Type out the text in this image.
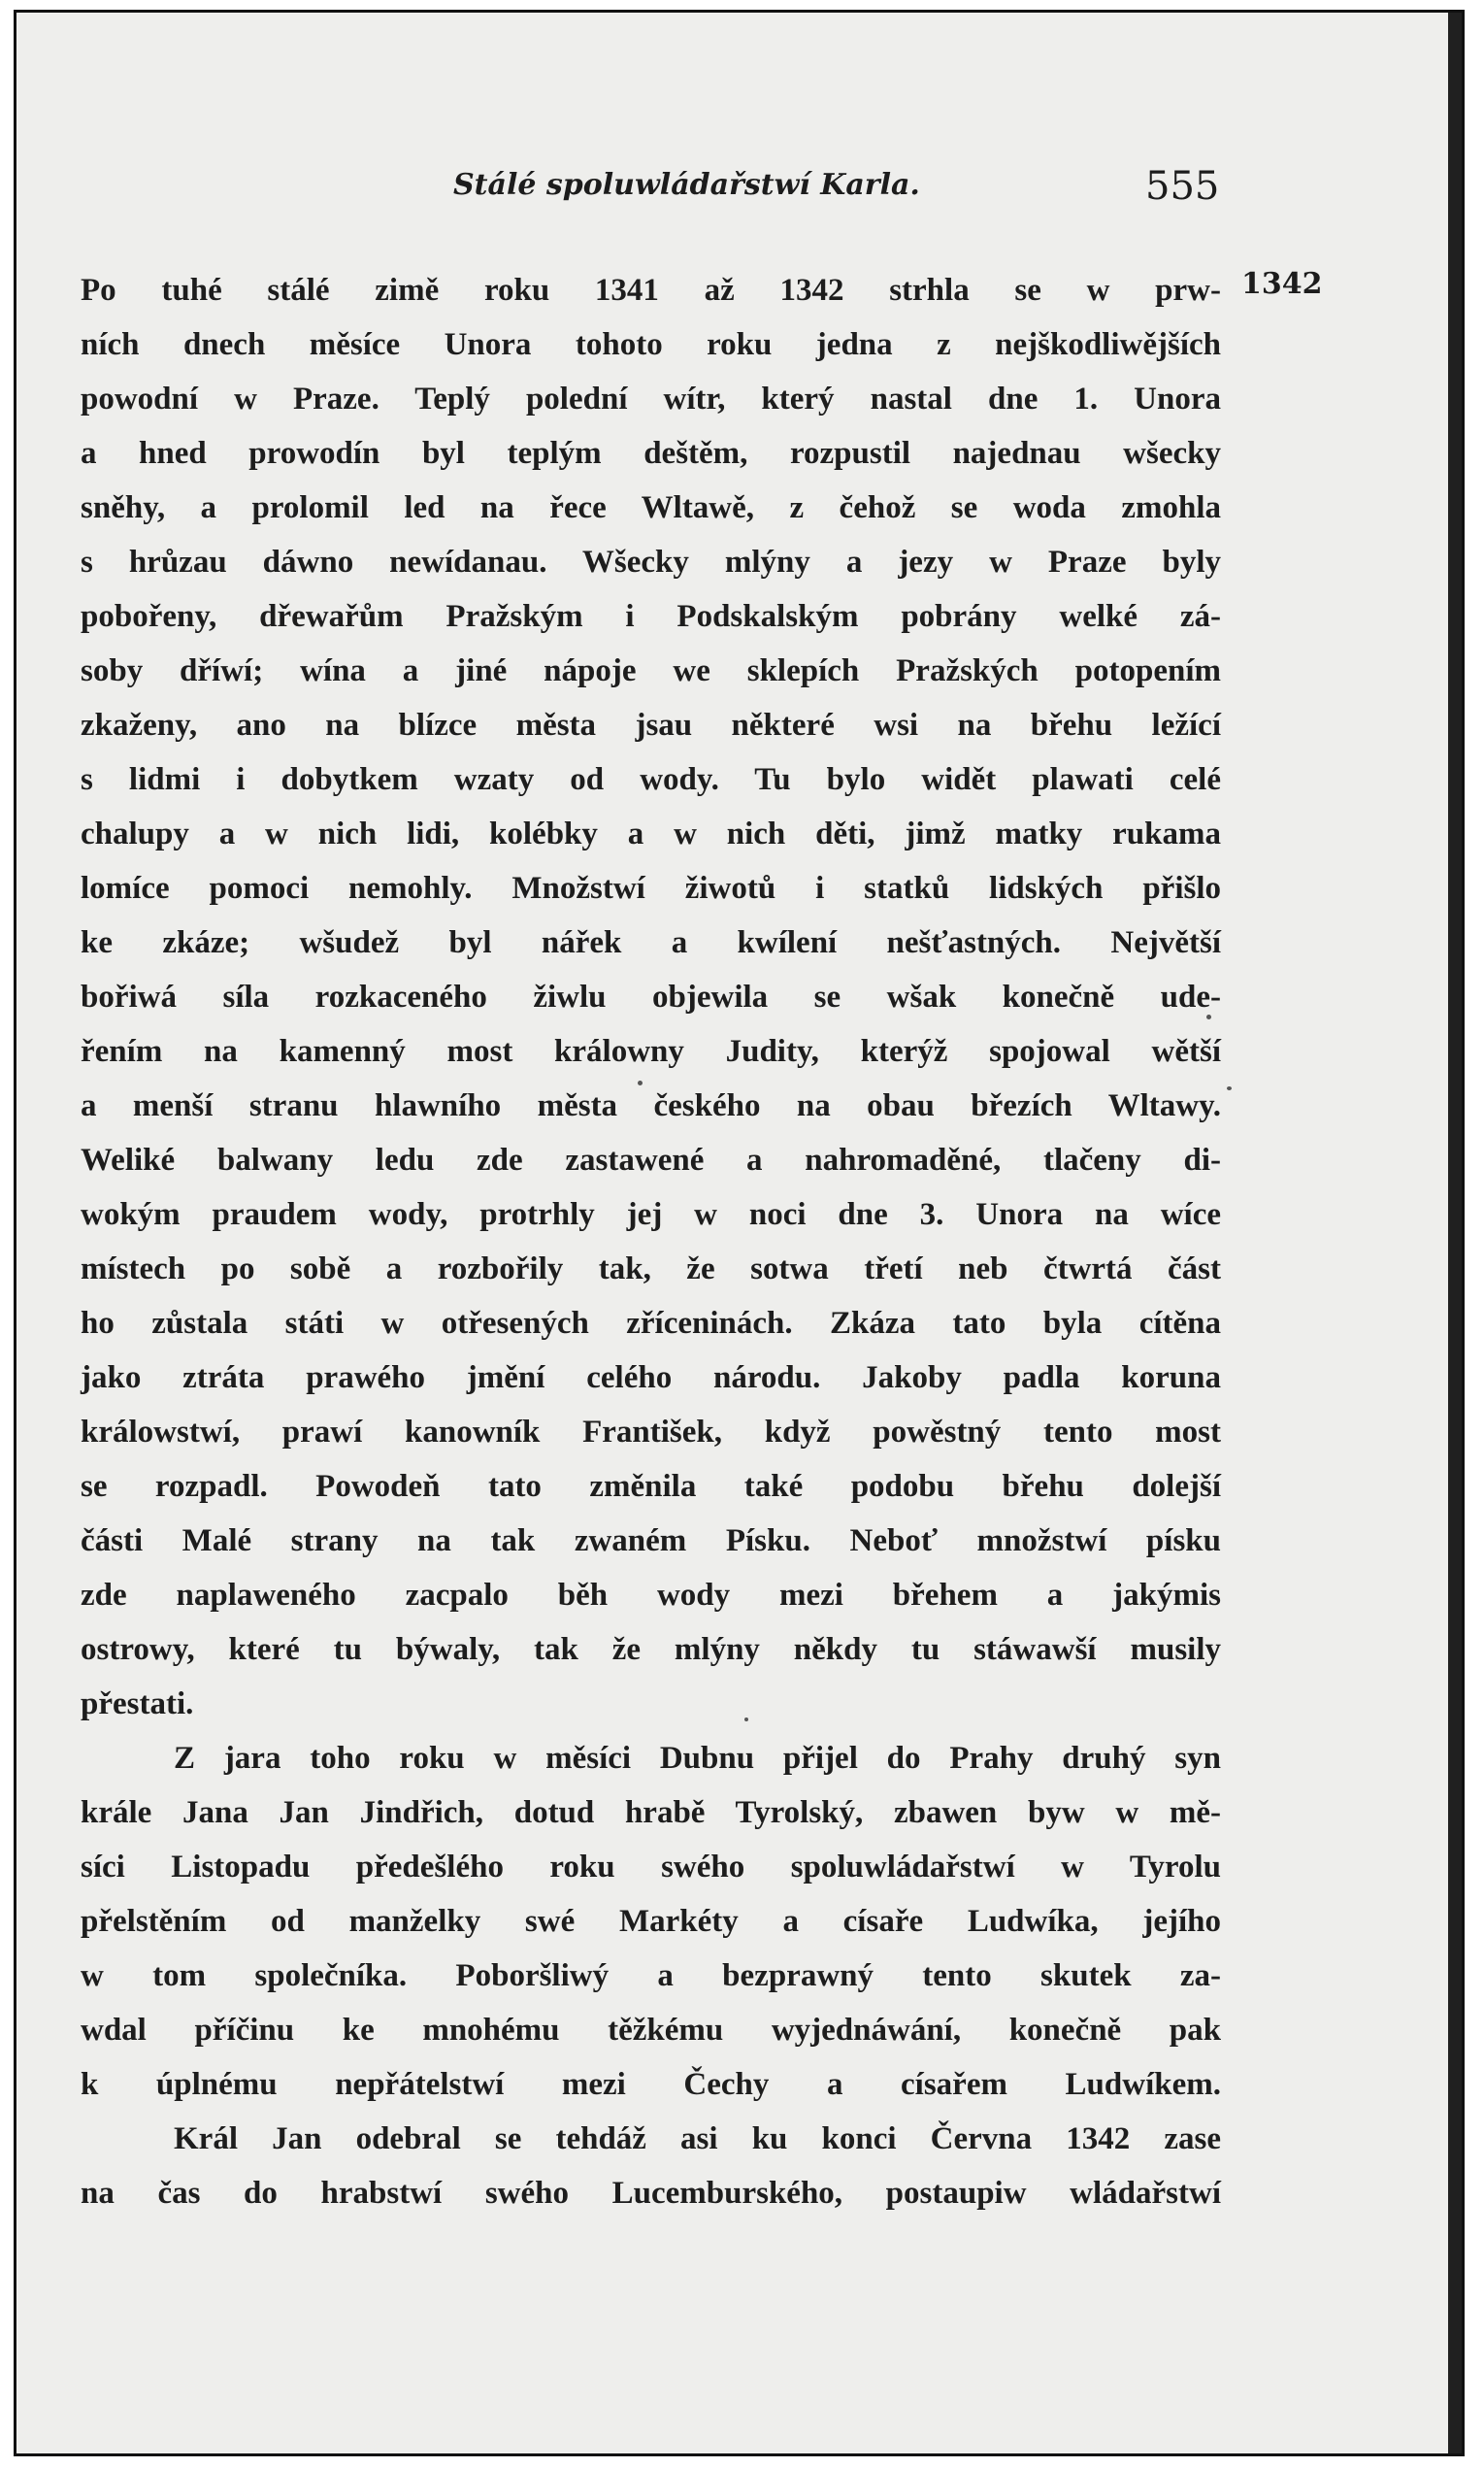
Stálé spoluwládařstwí Karla.	555
1342
Po tuhé stálé zimě roku 1341 až 1342 strhla se w prw-
ních dnech měsíce Unora tohoto roku jedna z nejškodliwějších
powodní w Praze. Teplý polední wítr, který nastal dne 1. Unora
a hned prowodín byl teplým deštěm, rozpustil najednau wšecky
sněhy, a prolomil led na řece Wltawě, z čehož se woda zmohla
s hrůzau dáwno newídanau. Wšecky mlýny a jezy w Praze byly
pobořeny, dřewařům Pražským i Podskalským pobrány welké zá-
soby dříwí; wína a jiné nápoje we sklepích Pražských potopením
zkaženy, ano na blízce města jsau některé wsi na břehu ležící
s lidmi i dobytkem wzaty od wody. Tu bylo widět plawati celé
chalupy a w nich lidi, kolébky a w nich děti, jimž matky rukama
lomíce pomoci nemohly. Množstwí žiwotů i statků lidských přišlo
ke zkáze; wšudež byl nářek a kwílení nešťastných. Největší
bořiwá síla rozkaceného žiwlu objewila se wšak konečně ude-
řením na kamenný most králowny Judity, kterýž spojowal wětší
a menší stranu hlawního města českého na obau březích Wltawy.
Weliké balwany ledu zde zastawené a nahromaděné, tlačeny di-
wokým praudem wody, protrhly jej w noci dne 3. Unora na wíce
místech po sobě a rozbořily tak, že sotwa třetí neb čtwrtá část
ho zůstala státi w otřesených zříceninách. Zkáza tato byla cítěna
jako ztráta prawého jmění celého národu. Jakoby padla koruna
králowstwí, prawí kanowník František, když powěstný tento most
se rozpadl. Powodeň tato změnila také podobu břehu dolejší
části Malé strany na tak zwaném Písku. Neboť množstwí písku
zde naplaweného zacpalo běh wody mezi břehem a jakýmis
ostrowy, které tu býwaly, tak že mlýny někdy tu stáwawší musily
přestati.
Z jara toho roku w měsíci Dubnu přijel do Prahy druhý syn
krále Jana Jan Jindřich, dotud hrabě Tyrolský, zbawen byw w mě-
síci Listopadu předešlého roku swého spoluwládařstwí w Tyrolu
přelstěním od manželky swé Markéty a císaře Ludwíka, jejího
w tom společníka. Poboršliwý a bezprawný tento skutek za-
wdal příčinu ke mnohému těžkému wyjednáwání, konečně pak
k úplnému nepřátelstwí mezi Čechy a císařem Ludwíkem.
Král Jan odebral se tehdáž asi ku konci Června 1342 zase
na čas do hrabstwí swého Lucemburského, postaupiw wládařstwí
